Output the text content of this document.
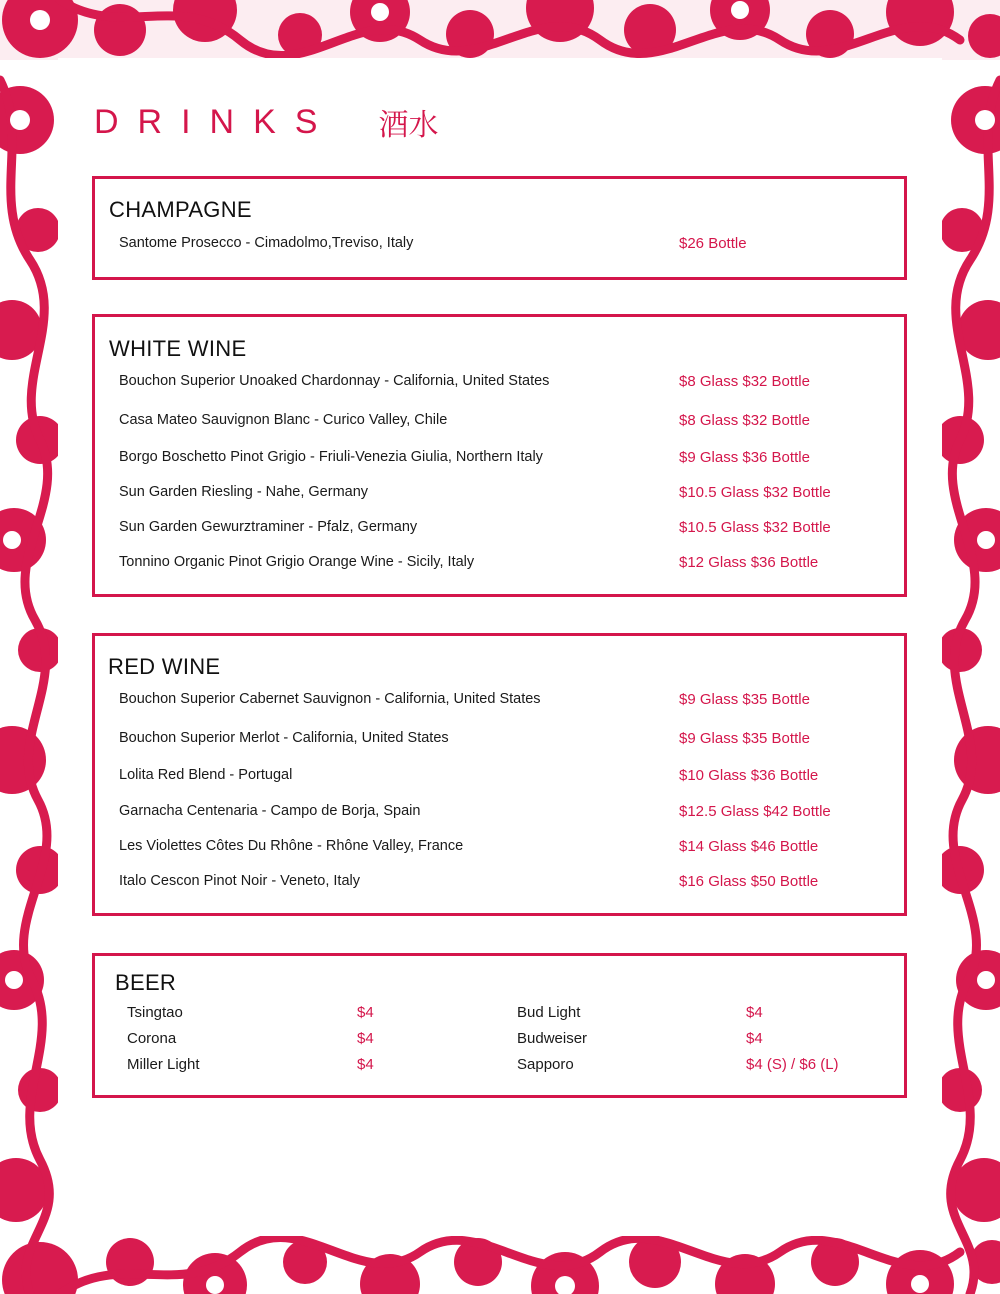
DRINKS 酒水
CHAMPAGNE
Santome Prosecco - Cimadolmo,Treviso, Italy	$26 Bottle
WHITE WINE
Bouchon Superior Unoaked Chardonnay - California, United States	$8 Glass $32 Bottle
Casa Mateo Sauvignon Blanc - Curico Valley, Chile	$8 Glass $32 Bottle
Borgo Boschetto Pinot Grigio - Friuli-Venezia Giulia, Northern Italy	$9 Glass $36 Bottle
Sun Garden Riesling - Nahe, Germany	$10.5 Glass $32 Bottle
Sun Garden Gewurztraminer - Pfalz, Germany	$10.5 Glass $32 Bottle
Tonnino Organic Pinot Grigio Orange Wine - Sicily, Italy	$12 Glass $36 Bottle
RED WINE
Bouchon Superior Cabernet Sauvignon - California, United States	$9 Glass $35 Bottle
Bouchon Superior Merlot - California, United States	$9 Glass $35 Bottle
Lolita Red Blend - Portugal	$10 Glass $36 Bottle
Garnacha Centenaria - Campo de Borja, Spain	$12.5 Glass $42 Bottle
Les Violettes Côtes Du Rhône - Rhône Valley, France	$14 Glass $46 Bottle
Italo Cescon Pinot Noir - Veneto, Italy	$16 Glass $50 Bottle
BEER
Tsingtao	$4	Bud Light	$4
Corona	$4	Budweiser	$4
Miller Light	$4	Sapporo	$4 (S) / $6 (L)
